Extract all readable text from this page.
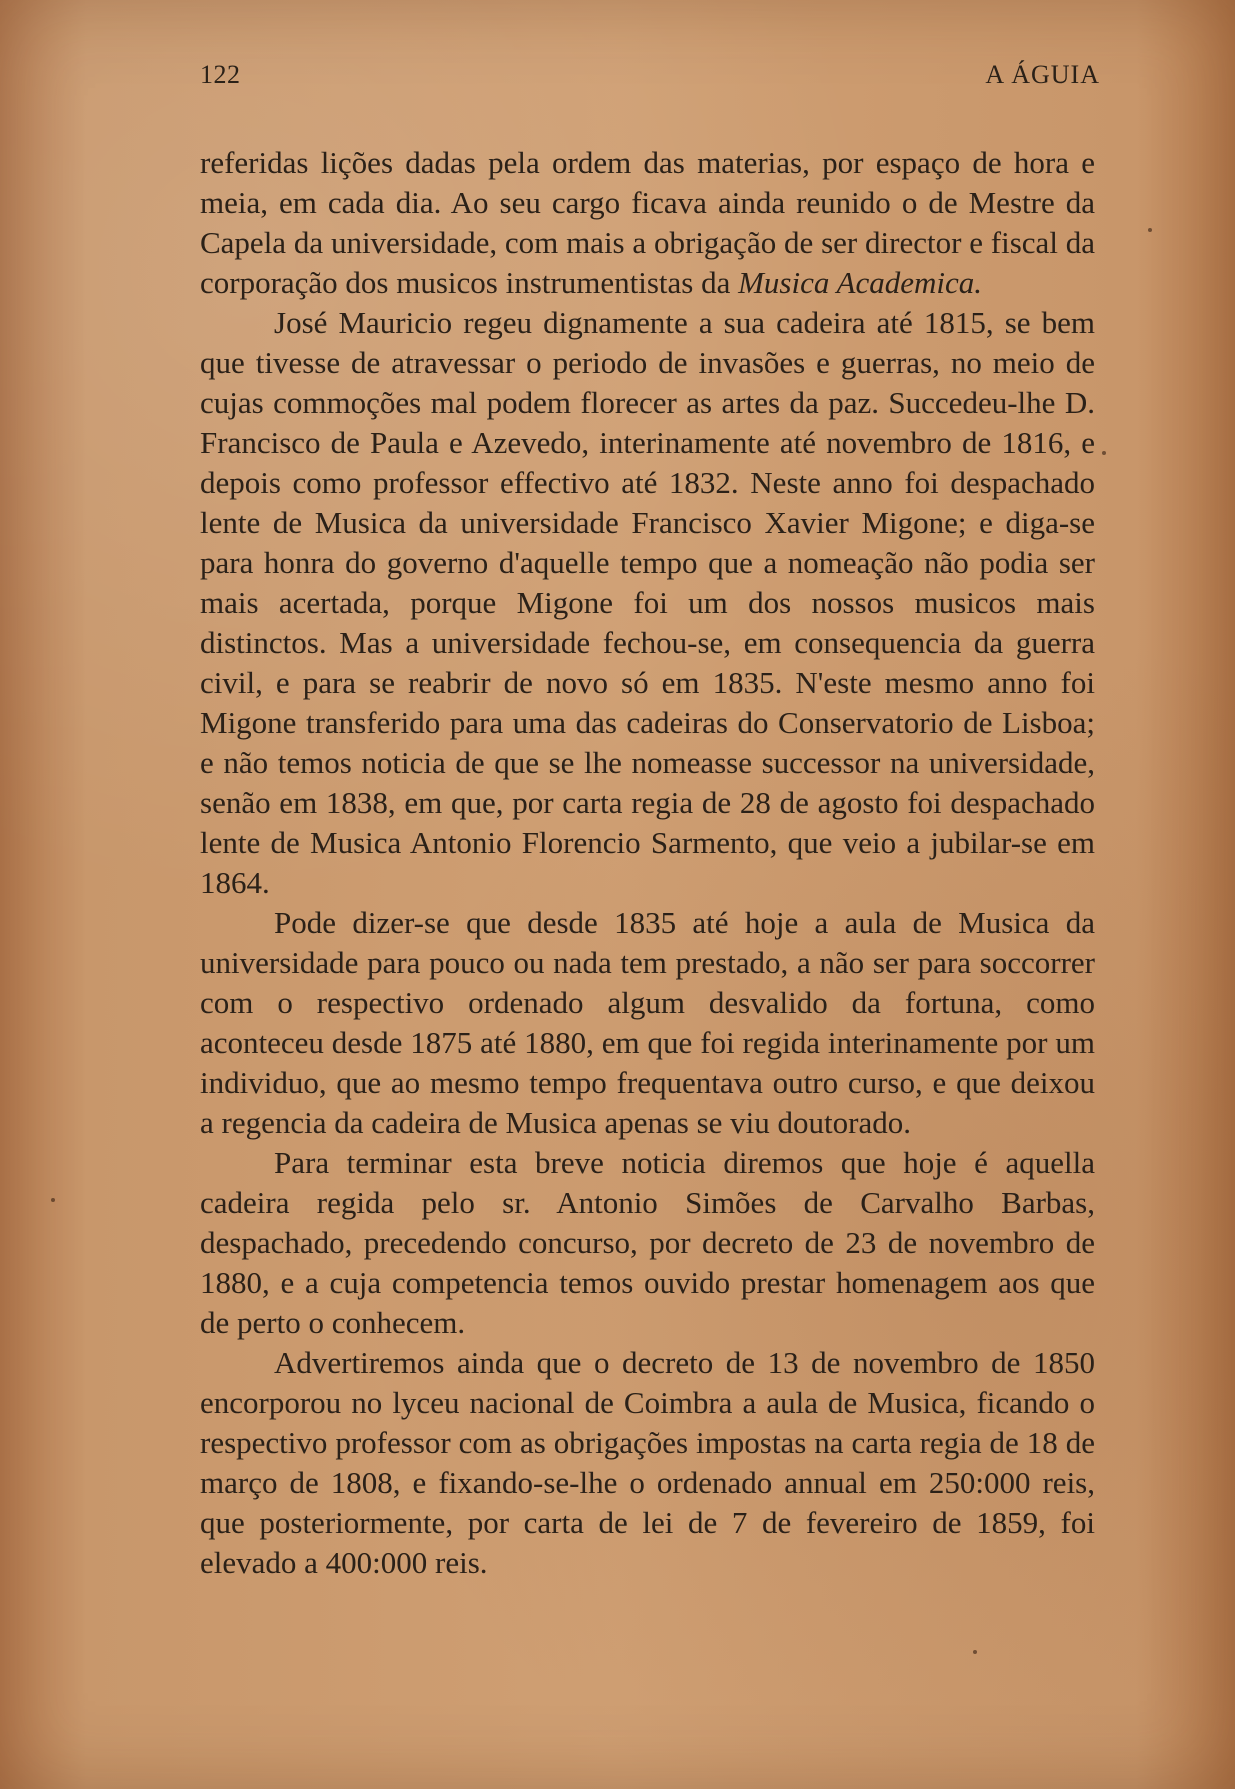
122	A ÁGUIA

referidas lições dadas pela ordem das materias, por espaço de hora e meia, em cada dia. Ao seu cargo ficava ainda reunido o de Mestre da Capela da universidade, com mais a obrigação de ser director e fiscal da corporação dos musicos instrumentistas da Musica Academica.

José Mauricio regeu dignamente a sua cadeira até 1815, se bem que tivesse de atravessar o periodo de invasões e guerras, no meio de cujas commoções mal podem florecer as artes da paz. Succedeu-lhe D. Francisco de Paula e Azevedo, interinamente até novembro de 1816, e depois como professor effectivo até 1832. Neste anno foi despachado lente de Musica da universidade Francisco Xavier Migone; e diga-se para honra do governo d'aquelle tempo que a nomeação não podia ser mais acertada, porque Migone foi um dos nossos musicos mais distinctos. Mas a universidade fechou-se, em consequencia da guerra civil, e para se reabrir de novo só em 1835. N'este mesmo anno foi Migone transferido para uma das cadeiras do Conservatorio de Lisboa; e não temos noticia de que se lhe nomeasse successor na universidade, senão em 1838, em que, por carta regia de 28 de agosto foi despachado lente de Musica Antonio Florencio Sarmento, que veio a jubilar-se em 1864.

Pode dizer-se que desde 1835 até hoje a aula de Musica da universidade para pouco ou nada tem prestado, a não ser para soccorrer com o respectivo ordenado algum desvalido da fortuna, como aconteceu desde 1875 até 1880, em que foi regida interinamente por um individuo, que ao mesmo tempo frequentava outro curso, e que deixou a regencia da cadeira de Musica apenas se viu doutorado.

Para terminar esta breve noticia diremos que hoje é aquella cadeira regida pelo sr. Antonio Simões de Carvalho Barbas, despachado, precedendo concurso, por decreto de 23 de novembro de 1880, e a cuja competencia temos ouvido prestar homenagem aos que de perto o conhecem.

Advertiremos ainda que o decreto de 13 de novembro de 1850 encorporou no lyceu nacional de Coimbra a aula de Musica, ficando o respectivo professor com as obrigações impostas na carta regia de 18 de março de 1808, e fixando-se-lhe o ordenado annual em 250:000 reis, que posteriormente, por carta de lei de 7 de fevereiro de 1859, foi elevado a 400:000 reis.
